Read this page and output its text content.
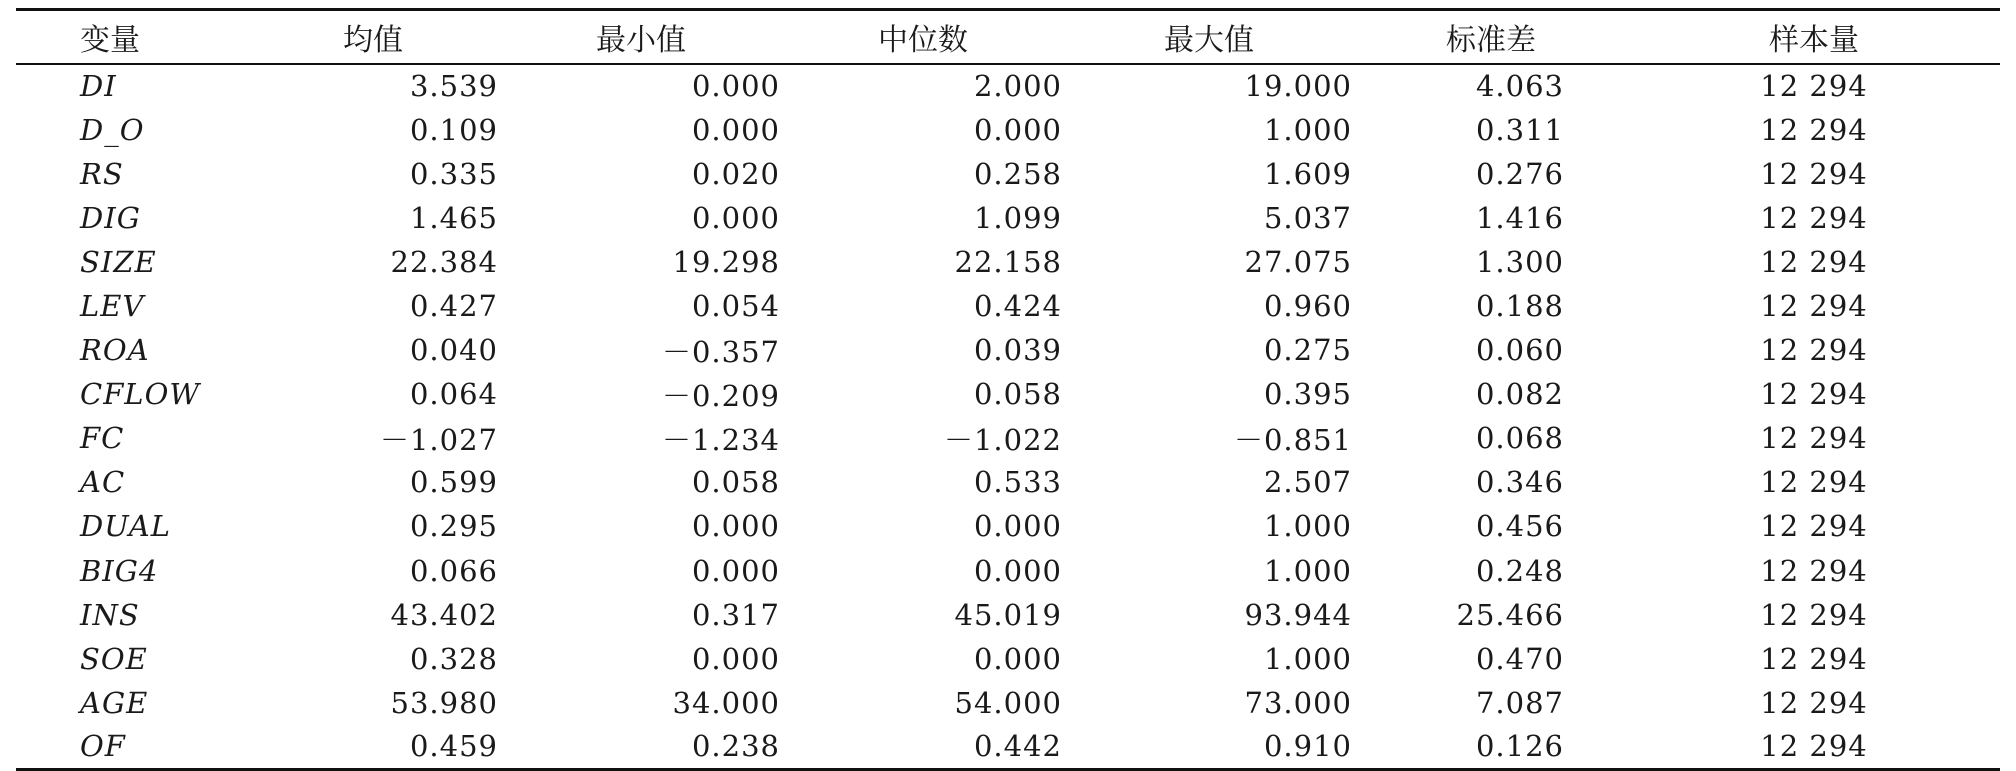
变量	均值	最小值	中位数	最大值	标准差	样本量
DI	3.539	0.000	2.000	19.000	4.063	12 294
D_O	0.109	0.000	0.000	1.000	0.311	12 294
RS	0.335	0.020	0.258	1.609	0.276	12 294
DIG	1.465	0.000	1.099	5.037	1.416	12 294
SIZE	22.384	19.298	22.158	27.075	1.300	12 294
LEV	0.427	0.054	0.424	0.960	0.188	12 294
ROA	0.040	－0.357	0.039	0.275	0.060	12 294
CFLOW	0.064	－0.209	0.058	0.395	0.082	12 294
FC	－1.027	－1.234	－1.022	－0.851	0.068	12 294
AC	0.599	0.058	0.533	2.507	0.346	12 294
DUAL	0.295	0.000	0.000	1.000	0.456	12 294
BIG4	0.066	0.000	0.000	1.000	0.248	12 294
INS	43.402	0.317	45.019	93.944	25.466	12 294
SOE	0.328	0.000	0.000	1.000	0.470	12 294
AGE	53.980	34.000	54.000	73.000	7.087	12 294
OF	0.459	0.238	0.442	0.910	0.126	12 294
